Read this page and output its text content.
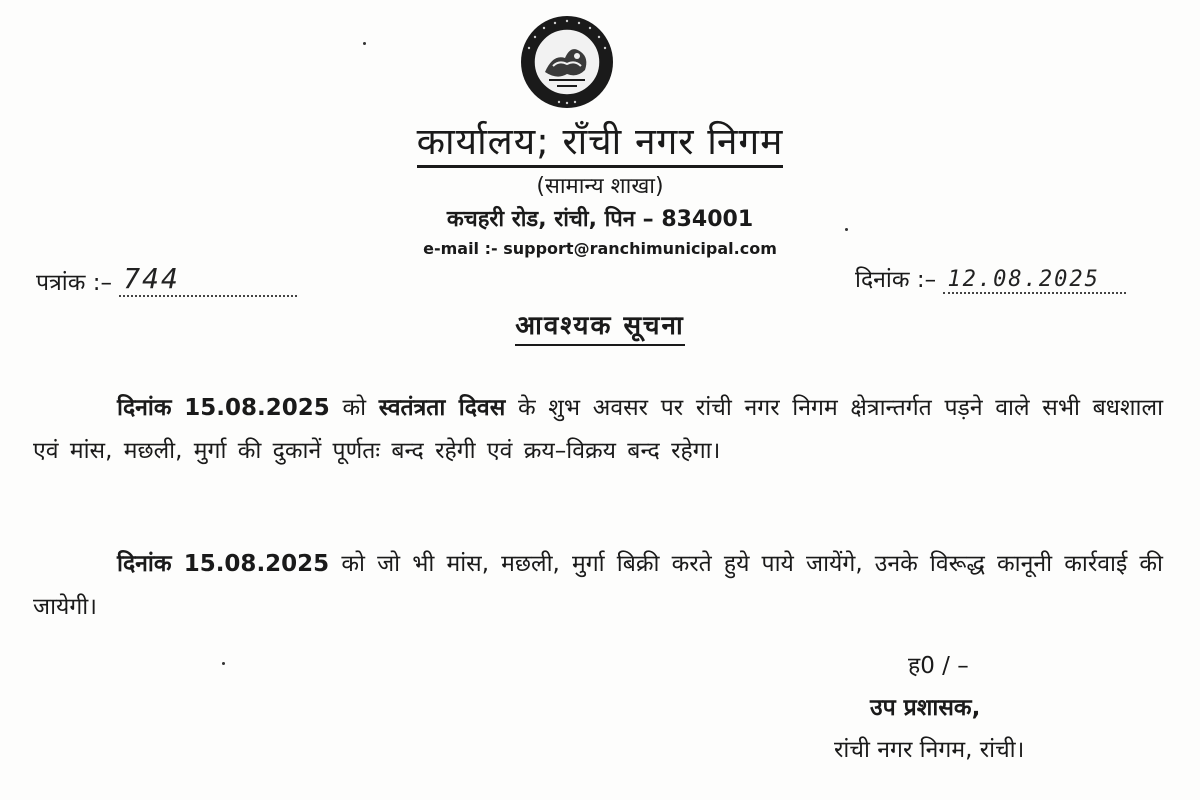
कार्यालय; राँची नगर निगम
(सामान्य शाखा)
कचहरी रोड, रांची, पिन – 834001
e-mail :- support@ranchimunicipal.com
पत्रांक :– 744	दिनांक :– 12.08.2025
आवश्यक सूचना

दिनांक 15.08.2025 को स्वतंत्रता दिवस के शुभ अवसर पर रांची नगर निगम क्षेत्रान्तर्गत पड़ने वाले सभी बधशाला एवं मांस, मछली, मुर्गा की दुकानें पूर्णतः बन्द रहेगी एवं क्रय–विक्रय बन्द रहेगा।

दिनांक 15.08.2025 को जो भी मांस, मछली, मुर्गा बिक्री करते हुये पाये जायेंगे, उनके विरूद्ध कानूनी कार्रवाई की जायेगी।

ह0 / –
उप प्रशासक,
रांची नगर निगम, रांची।
